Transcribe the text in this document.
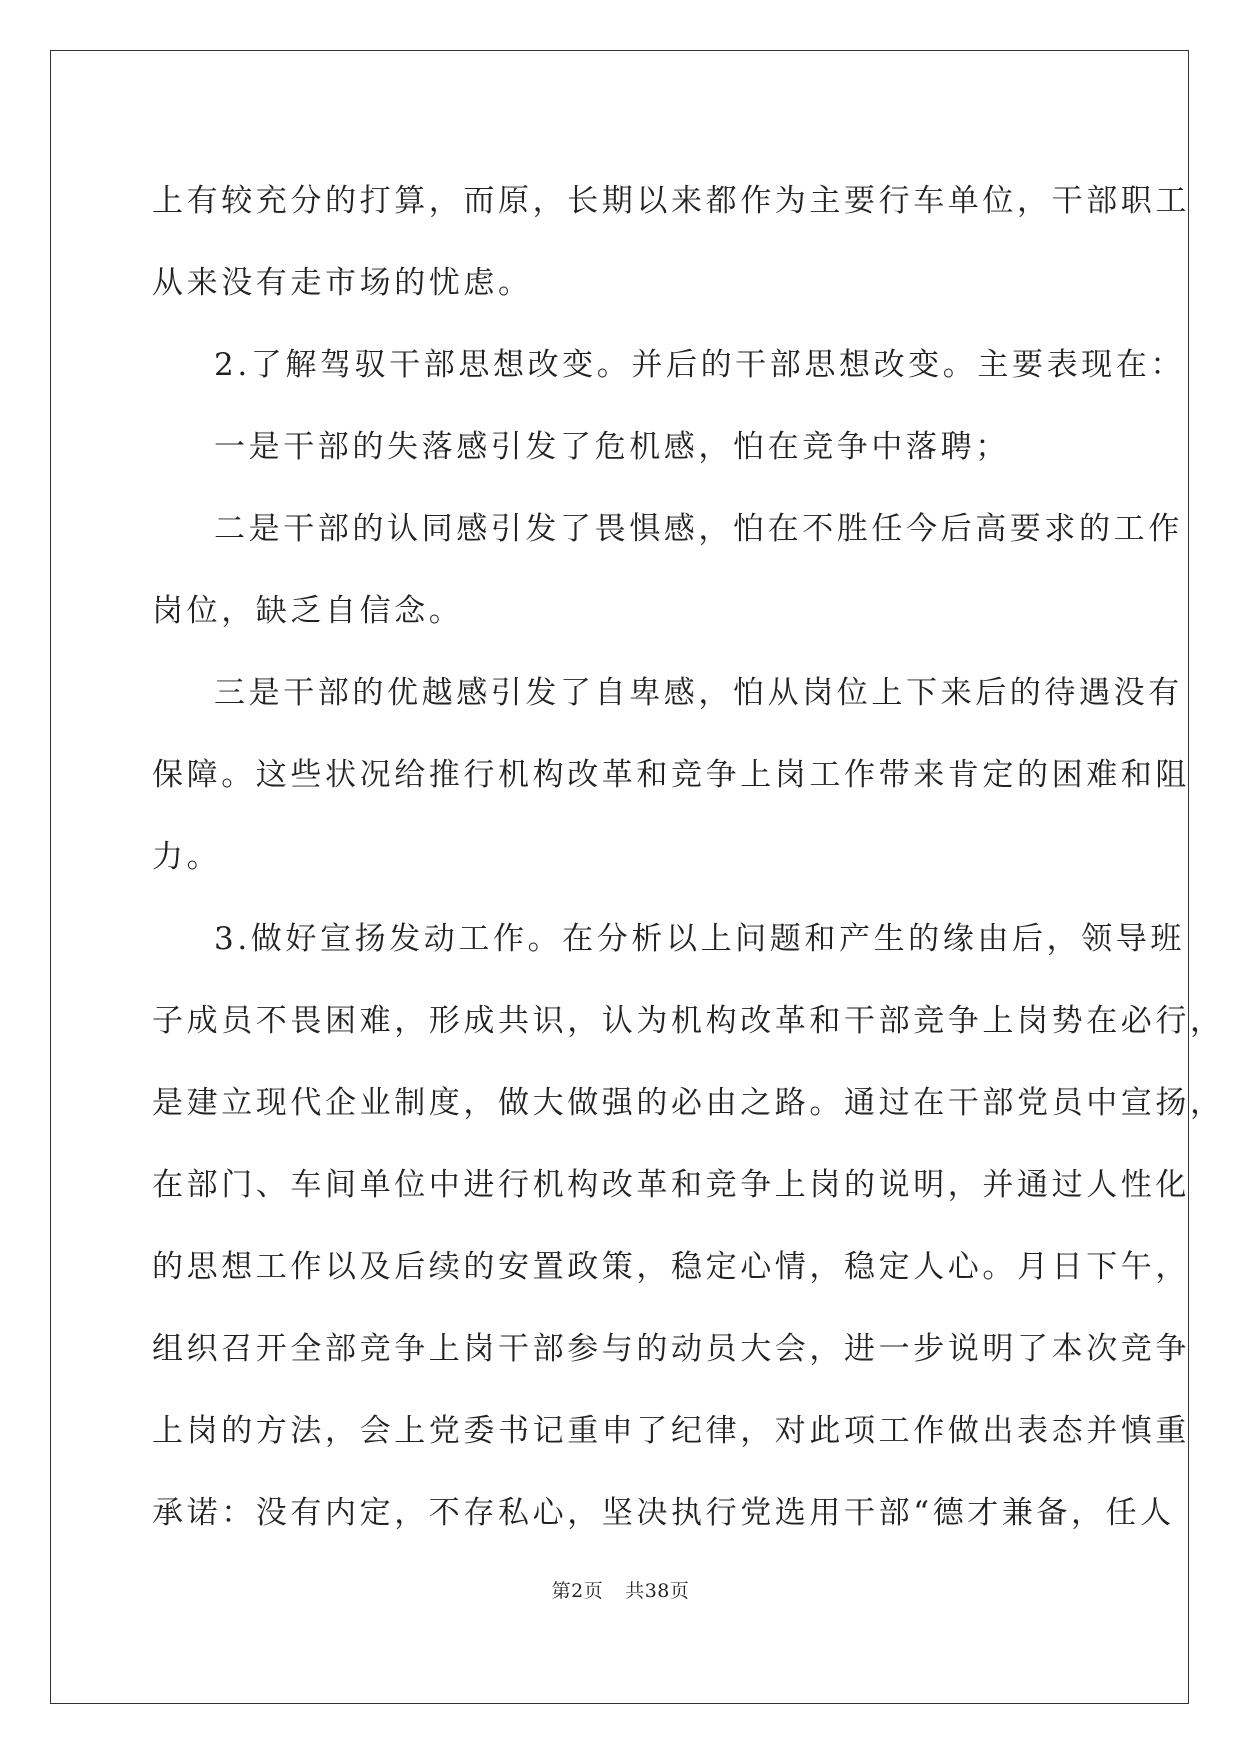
上有较充分的打算，而原，长期以来都作为主要行车单位，干部职工
从来没有走市场的忧虑。
2.了解驾驭干部思想改变。并后的干部思想改变。主要表现在：
一是干部的失落感引发了危机感，怕在竞争中落聘；
二是干部的认同感引发了畏惧感，怕在不胜任今后高要求的工作
岗位，缺乏自信念。
三是干部的优越感引发了自卑感，怕从岗位上下来后的待遇没有
保障。这些状况给推行机构改革和竞争上岗工作带来肯定的困难和阻
力。
3.做好宣扬发动工作。在分析以上问题和产生的缘由后，领导班
子成员不畏困难，形成共识，认为机构改革和干部竞争上岗势在必行，
是建立现代企业制度，做大做强的必由之路。通过在干部党员中宣扬，
在部门、车间单位中进行机构改革和竞争上岗的说明，并通过人性化
的思想工作以及后续的安置政策，稳定心情，稳定人心。月日下午，
组织召开全部竞争上岗干部参与的动员大会，进一步说明了本次竞争
上岗的方法，会上党委书记重申了纪律，对此项工作做出表态并慎重
承诺：没有内定，不存私心，坚决执行党选用干部“德才兼备，任人
第2页 共38页
